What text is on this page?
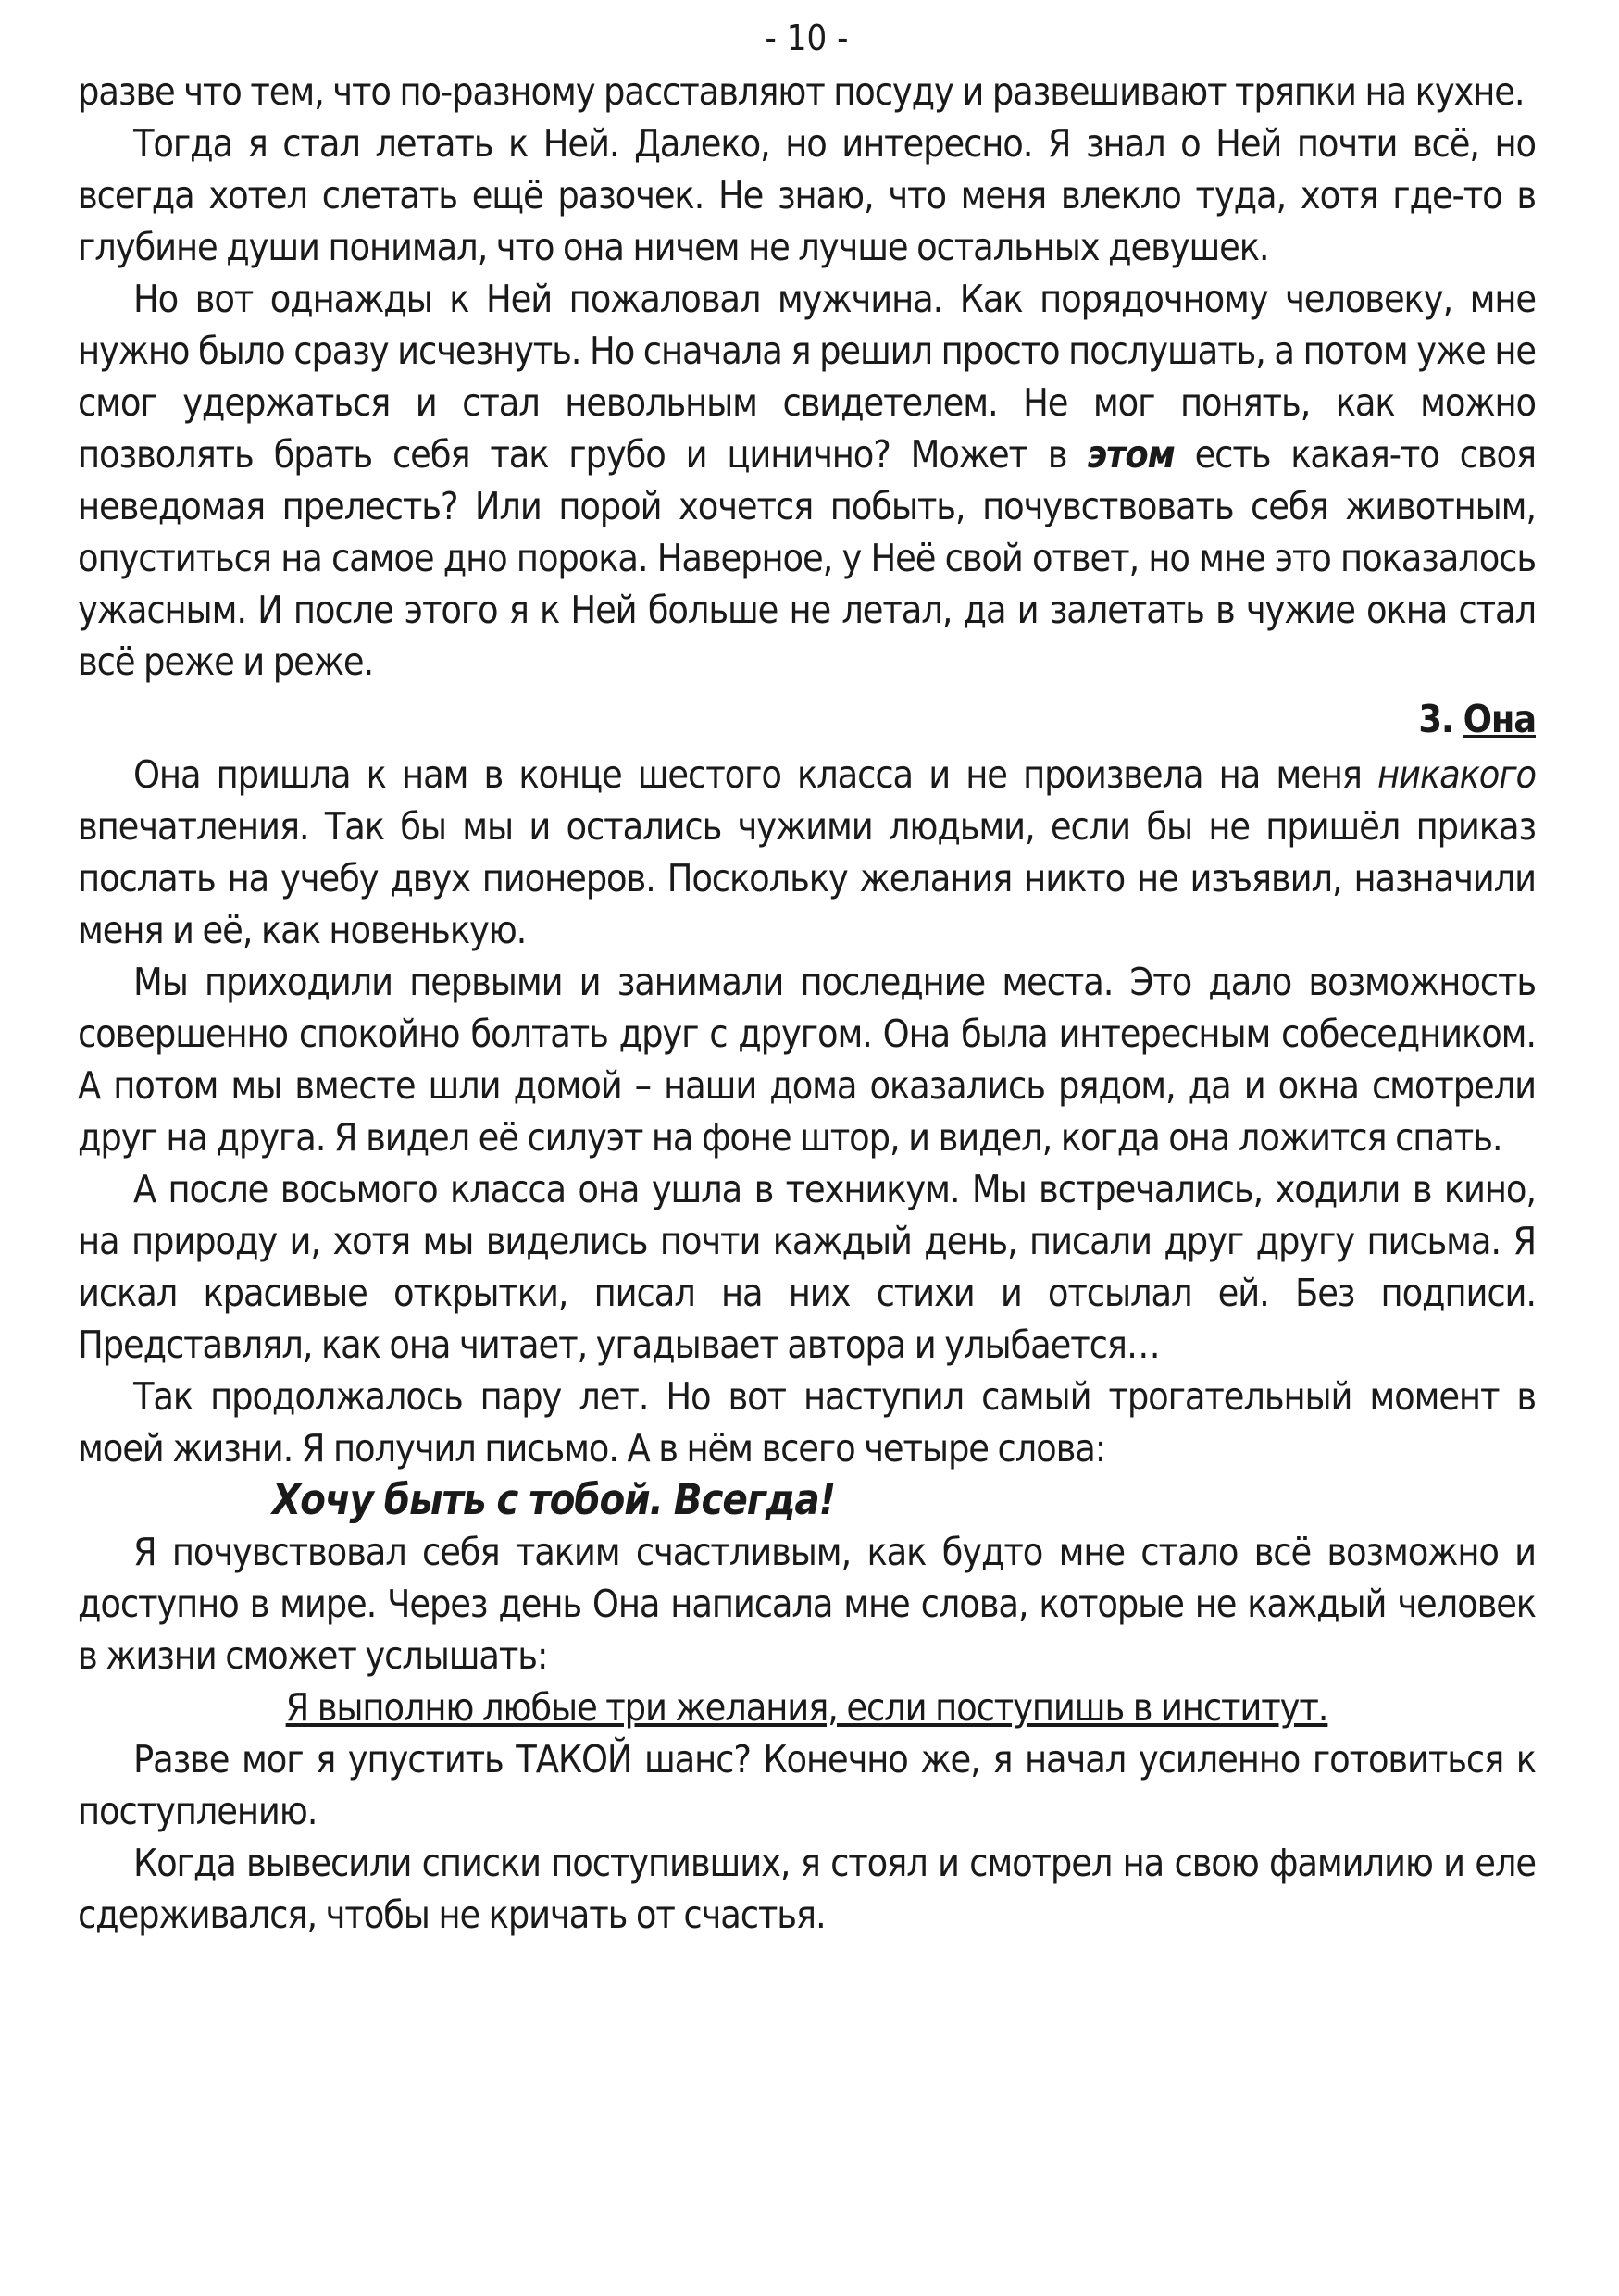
- 10 -

разве что тем, что по-разному расставляют посуду и развешивают тряпки на кухне.

Тогда я стал летать к Ней. Далеко, но интересно. Я знал о Ней почти всё, но всегда хотел слетать ещё разочек. Не знаю, что меня влекло туда, хотя где-то в глубине души понимал, что она ничем не лучше остальных девушек.

Но вот однажды к Ней пожаловал мужчина. Как порядочному человеку, мне нужно было сразу исчезнуть. Но сначала я решил просто послушать, а потом уже не смог удержаться и стал невольным свидетелем. Не мог понять, как можно позволять брать себя так грубо и цинично? Может в этом есть какая-то своя неведомая прелесть? Или порой хочется побыть, почувствовать себя животным, опуститься на самое дно порока. Наверное, у Неё свой ответ, но мне это показалось ужасным. И после этого я к Ней больше не летал, да и залетать в чужие окна стал всё реже и реже.

3. Она

Она пришла к нам в конце шестого класса и не произвела на меня никакого впечатления. Так бы мы и остались чужими людьми, если бы не пришёл приказ послать на учебу двух пионеров. Поскольку желания никто не изъявил, назначили меня и её, как новенькую.

Мы приходили первыми и занимали последние места. Это дало возможность совершенно спокойно болтать друг с другом. Она была интересным собеседником. А потом мы вместе шли домой – наши дома оказались рядом, да и окна смотрели друг на друга. Я видел её силуэт на фоне штор, и видел, когда она ложится спать.

А после восьмого класса она ушла в техникум. Мы встречались, ходили в кино, на природу и, хотя мы виделись почти каждый день, писали друг другу письма. Я искал красивые открытки, писал на них стихи и отсылал ей. Без подписи. Представлял, как она читает, угадывает автора и улыбается…

Так продолжалось пару лет. Но вот наступил самый трогательный момент в моей жизни. Я получил письмо. А в нём всего четыре слова:

Хочу быть с тобой. Всегда!

Я почувствовал себя таким счастливым, как будто мне стало всё возможно и доступно в мире. Через день Она написала мне слова, которые не каждый человек в жизни сможет услышать:

Я выполню любые три желания, если поступишь в институт.

Разве мог я упустить ТАКОЙ шанс? Конечно же, я начал усиленно готовиться к поступлению.

Когда вывесили списки поступивших, я стоял и смотрел на свою фамилию и еле сдерживался, чтобы не кричать от счастья.
